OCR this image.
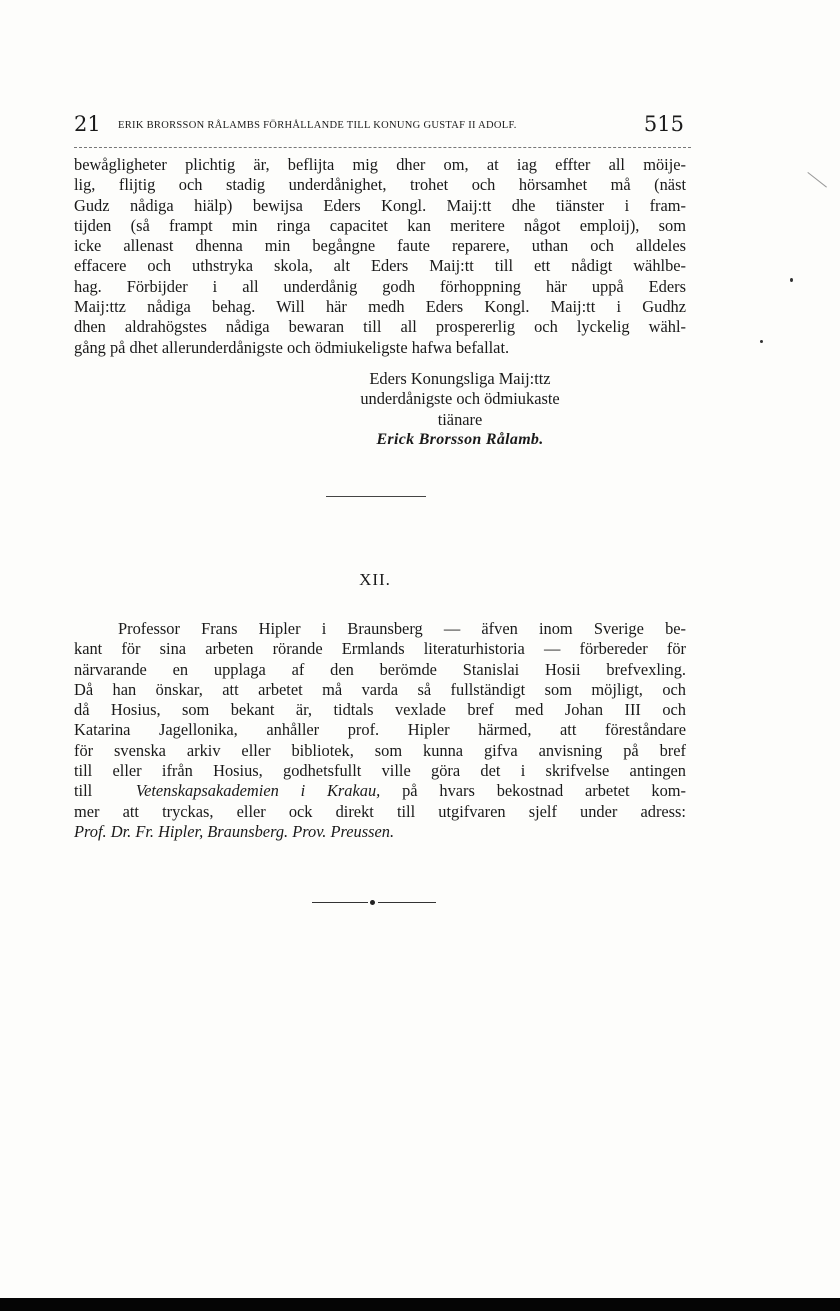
21 ERIK BRORSSON RÅLAMBS FÖRHÅLLANDE TILL KONUNG GUSTAF II ADOLF.	515
bewågligheter plichtig är, beflijta mig dher om, at iag effter all möije-
lig, flijtig och stadig underdånighet, trohet och hörsamhet må (näst
Gudz nådiga hiälp) bewijsa Eders Kongl. Maij:tt dhe tiänster i fram-
tijden (så frampt min ringa capacitet kan meritere något emploij), som
icke allenast dhenna min begångne faute reparere, uthan och alldeles
effacere och uthstryka skola, alt Eders Maij:tt till ett nådigt wählbe-
hag. Förbijder i all underdånig godh förhoppning här uppå Eders
Maij:ttz nådiga behag. Will här medh Eders Kongl. Maij:tt i Gudhz
dhen aldrahögstes nådiga bewaran till all prospererlig och lyckelig wähl-
gång på dhet allerunderdånigste och ödmiukeligste hafwa befallat.
Eders Konungsliga Maij:ttz
underdånigste och ödmiukaste
tiänare
Erick Brorsson Rålamb.
XII.
Professor Frans Hipler i Braunsberg — äfven inom Sverige be-
kant för sina arbeten rörande Ermlands literaturhistoria — förbereder för
närvarande en upplaga af den berömde Stanislai Hosii brefvexling.
Då han önskar, att arbetet må varda så fullständigt som möjligt, och
då Hosius, som bekant är, tidtals vexlade bref med Johan III och
Katarina Jagellonika, anhåller prof. Hipler härmed, att föreståndare
för svenska arkiv eller bibliotek, som kunna gifva anvisning på bref
till eller ifrån Hosius, godhetsfullt ville göra det i skrifvelse antingen
till	Vetenskapsakademien i Krakau, på hvars bekostnad arbetet kom-
mer att tryckas, eller ock direkt till utgifvaren sjelf under adress:
Prof. Dr. Fr. Hipler, Braunsberg. Prov. Preussen.
